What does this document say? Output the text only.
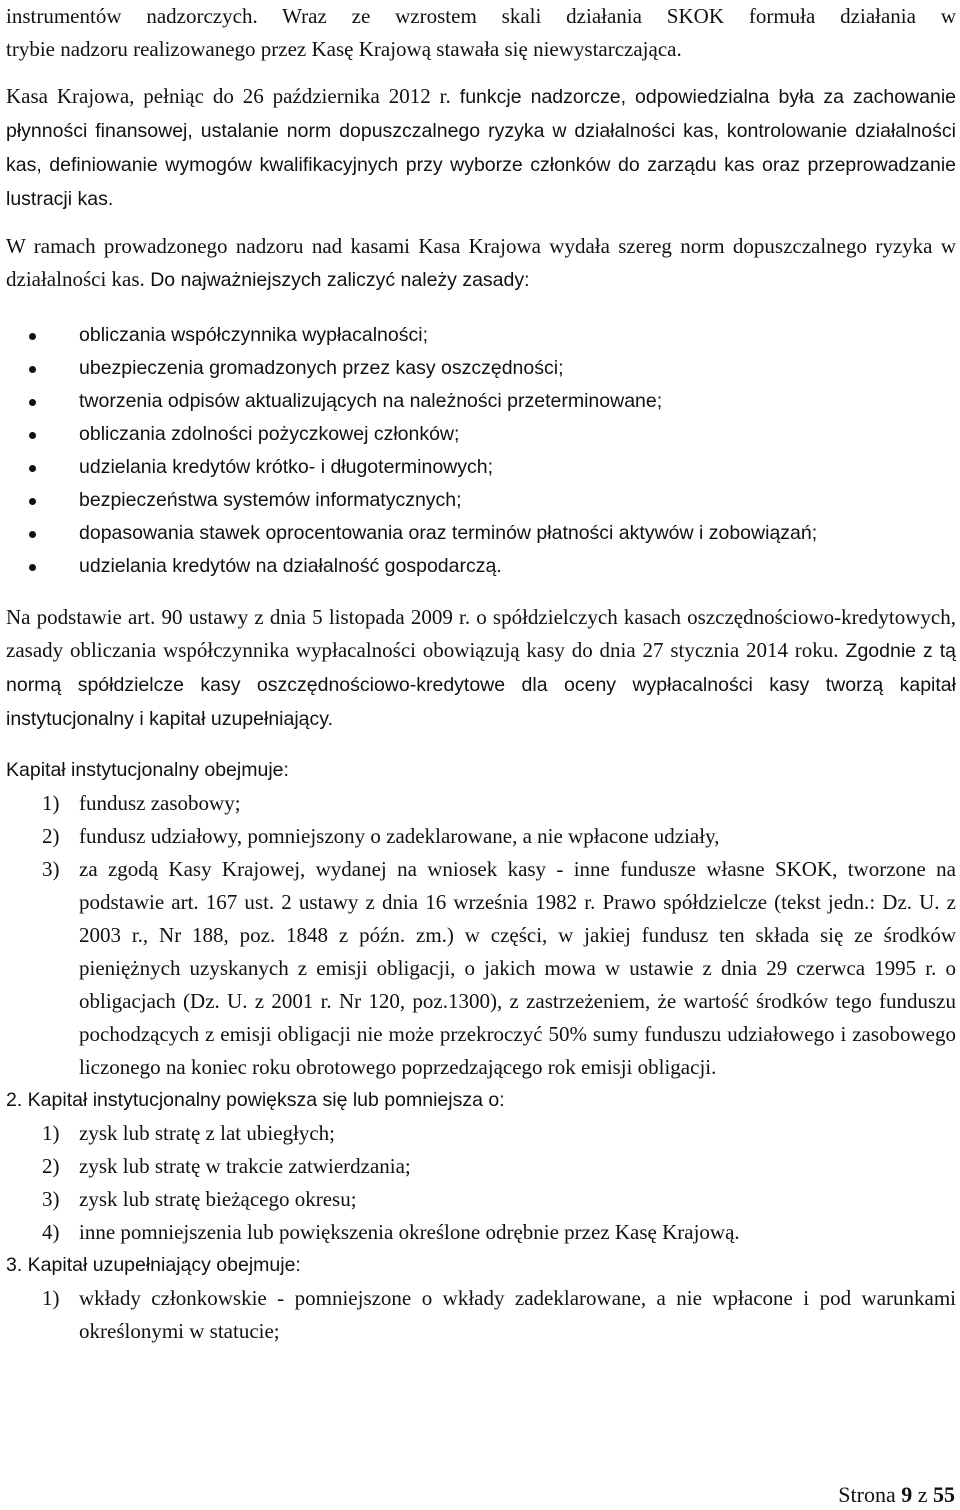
instrumentów nadzorczych. Wraz ze wzrostem skali działania SKOK formuła działania w

trybie nadzoru realizowanego przez Kasę Krajową stawała się niewystarczająca.

Kasa Krajowa, pełniąc do 26 października 2012 r. funkcje nadzorcze, odpowiedzialna była za zachowanie płynności finansowej, ustalanie norm dopuszczalnego ryzyka w działalności kas, kontrolowanie działalności kas, definiowanie wymogów kwalifikacyjnych przy wyborze członków do zarządu kas oraz przeprowadzanie lustracji kas.

W ramach prowadzonego nadzoru nad kasami Kasa Krajowa wydała szereg norm dopuszczalnego ryzyka w działalności kas. Do najważniejszych zaliczyć należy zasady:

obliczania współczynnika wypłacalności;
ubezpieczenia gromadzonych przez kasy oszczędności;
tworzenia odpisów aktualizujących na należności przeterminowane;
obliczania zdolności pożyczkowej członków;
udzielania kredytów krótko- i długoterminowych;
bezpieczeństwa systemów informatycznych;
dopasowania stawek oprocentowania oraz terminów płatności aktywów i zobowiązań;
udzielania kredytów na działalność gospodarczą.

Na podstawie art. 90 ustawy z dnia 5 listopada 2009 r. o spółdzielczych kasach oszczędnościowo-kredytowych, zasady obliczania współczynnika wypłacalności obowiązują kasy do dnia 27 stycznia 2014 roku. Zgodnie z tą normą spółdzielcze kasy oszczędnościowo-kredytowe dla oceny wypłacalności kasy tworzą kapitał instytucjonalny i kapitał uzupełniający.

Kapitał instytucjonalny obejmuje:

1) fundusz zasobowy;
2) fundusz udziałowy, pomniejszony o zadeklarowane, a nie wpłacone udziały,
3) za zgodą Kasy Krajowej, wydanej na wniosek kasy - inne fundusze własne SKOK, tworzone na podstawie art. 167 ust. 2 ustawy z dnia 16 września 1982 r. Prawo spółdzielcze (tekst jedn.: Dz. U. z 2003 r., Nr 188, poz. 1848 z późn. zm.) w części, w jakiej fundusz ten składa się ze środków pieniężnych uzyskanych z emisji obligacji, o jakich mowa w ustawie z dnia 29 czerwca 1995 r. o obligacjach (Dz. U. z 2001 r. Nr 120, poz.1300), z zastrzeżeniem, że wartość środków tego funduszu pochodzących z emisji obligacji nie może przekroczyć 50% sumy funduszu udziałowego i zasobowego liczonego na koniec roku obrotowego poprzedzającego rok emisji obligacji.

2. Kapitał instytucjonalny powiększa się lub pomniejsza o:

1) zysk lub stratę z lat ubiegłych;
2) zysk lub stratę w trakcie zatwierdzania;
3) zysk lub stratę bieżącego okresu;
4) inne pomniejszenia lub powiększenia określone odrębnie przez Kasę Krajową.

3. Kapitał uzupełniający obejmuje:

1) wkłady członkowskie - pomniejszone o wkłady zadeklarowane, a nie wpłacone i pod warunkami określonymi w statucie;
Strona 9 z 55
